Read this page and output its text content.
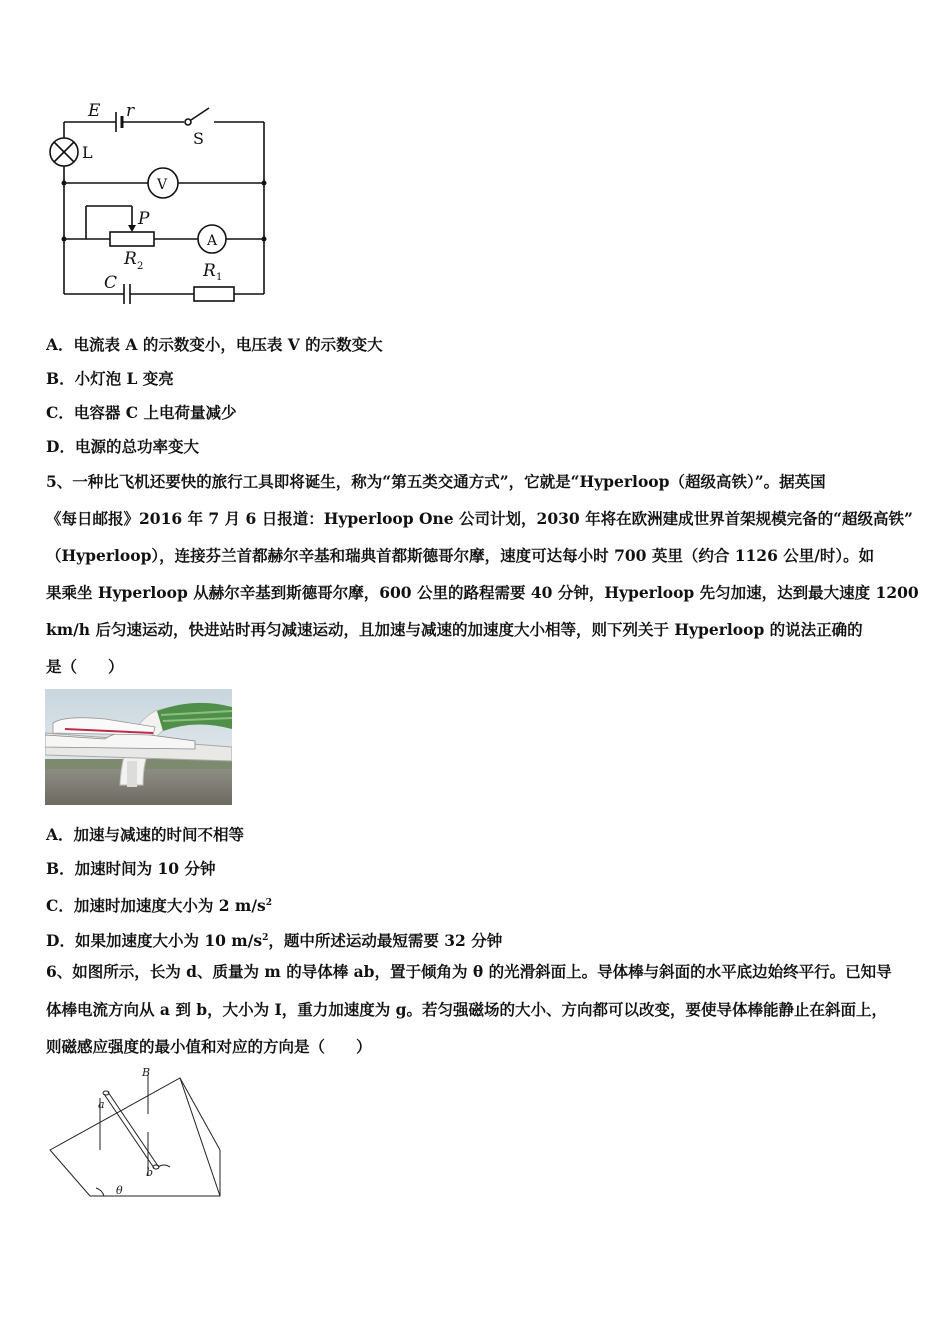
E r
P
R
R
C
2
1
S
L
V
A
A．电流表 A 的示数变小，电压表 V 的示数变大
B．小灯泡 L 变亮
C．电容器 C 上电荷量减少
D．电源的总功率变大
5、一种比飞机还要快的旅行工具即将诞生，称为“第五类交通方式”，它就是“Hyperloop（超级高铁）”。据英国
《每日邮报》2016 年 7 月 6 日报道：Hyperloop One 公司计划，2030 年将在欧洲建成世界首架规模完备的“超级高铁”
（Hyperloop），连接芬兰首都赫尔辛基和瑞典首都斯德哥尔摩，速度可达每小时 700 英里（约合 1126 公里/时）。如
果乘坐 Hyperloop 从赫尔辛基到斯德哥尔摩，600 公里的路程需要 40 分钟，Hyperloop 先匀加速，达到最大速度 1200
km/h 后匀速运动，快进站时再匀减速运动，且加速与减速的加速度大小相等，则下列关于 Hyperloop 的说法正确的
是（　　）
A．加速与减速的时间不相等
B．加速时间为 10 分钟
C．加速时加速度大小为 2 $m/s^2$
D．如果加速度大小为 10 $m/s^2$，题中所述运动最短需要 32 分钟
6、如图所示，长为 d、质量为 m 的导体棒 ab，置于倾角为 θ 的光滑斜面上。导体棒与斜面的水平底边始终平行。已知导
体棒电流方向从 a 到 b，大小为 I，重力加速度为 g。若匀强磁场的大小、方向都可以改变，要使导体棒能静止在斜面上，
则磁感应强度的最小值和对应的方向是（　　）
B
a
b
θ
